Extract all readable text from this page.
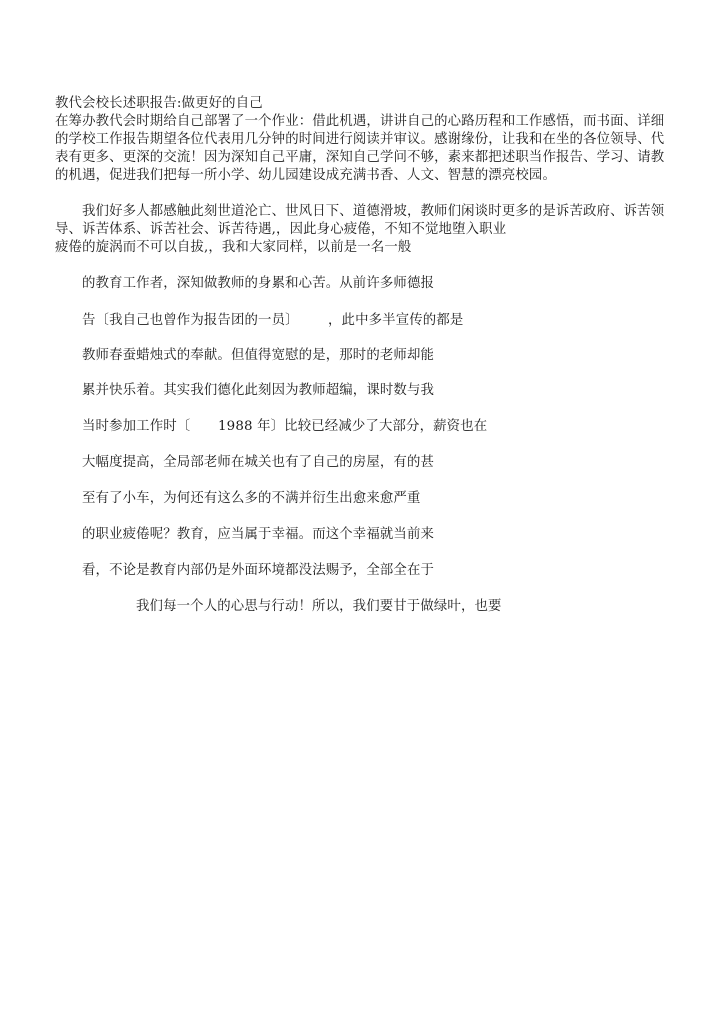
教代会校长述职报告:做更好的自己
在筹办教代会时期给自己部署了一个作业：借此机遇，讲讲自己的心路历程和工作感悟，而书面、详细
的学校工作报告期望各位代表用几分钟的时间进行阅读并审议。感谢缘份，让我和在坐的各位领导、代
表有更多、更深的交流！因为深知自己平庸，深知自己学问不够，素来都把述职当作报告、学习、请教
的机遇，促进我们把每一所小学、幼儿园建设成充满书香、人文、智慧的漂亮校园。
我们好多人都感触此刻世道沦亡、世风日下、道德滑坡，教师们闲谈时更多的是诉苦政府、诉苦领
导、诉苦体系、诉苦社会、诉苦待遇,，因此身心疲倦，不知不觉地堕入职业
疲倦的旋涡而不可以自拔,，我和大家同样，以前是一名一般
的教育工作者，深知做教师的身累和心苦。从前许多师德报
告〔我自己也曾作为报告团的一员〕 ，此中多半宣传的都是
教师春蚕蜡烛式的奉献。但值得宽慰的是，那时的老师却能
累并快乐着。其实我们德化此刻因为教师超编，课时数与我
当时参加工作时〔 1988 年〕比较已经减少了大部分，薪资也在
大幅度提高，全局部老师在城关也有了自己的房屋，有的甚
至有了小车，为何还有这么多的不满并衍生出愈来愈严重
的职业疲倦呢？教育，应当属于幸福。而这个幸福就当前来
看，不论是教育内部仍是外面环境都没法赐予，全部全在于
我们每一个人的心思与行动！所以，我们要甘于做绿叶，也要
